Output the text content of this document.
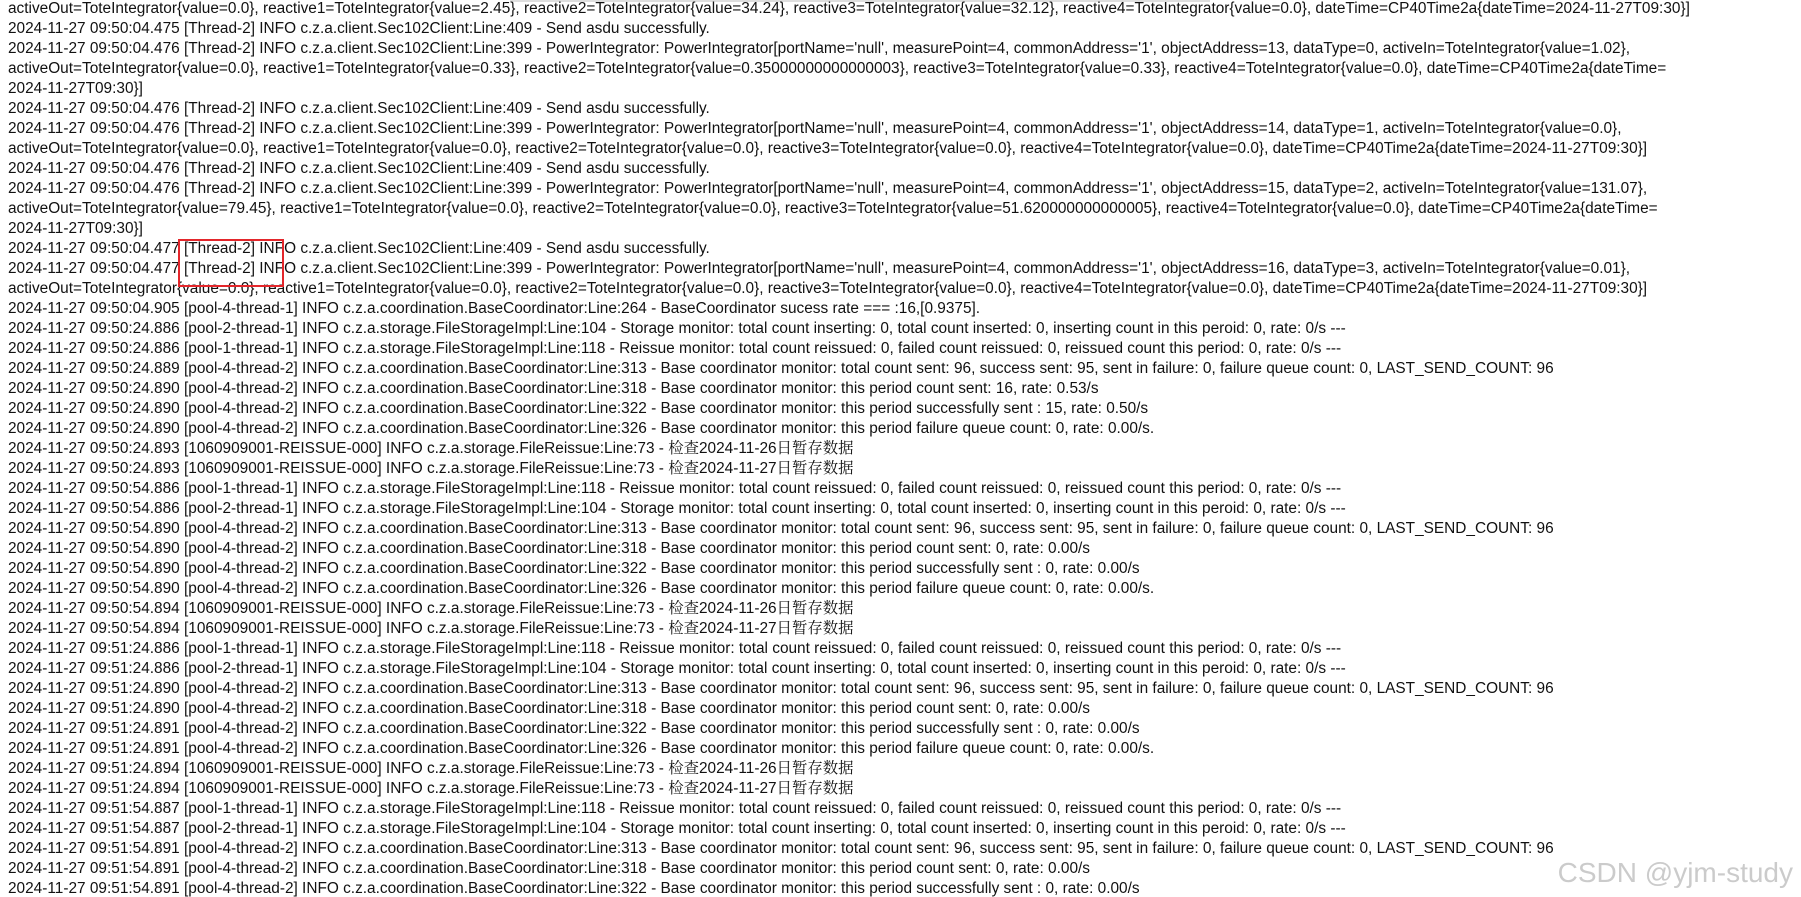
activeOut=ToteIntegrator{value=0.0}, reactive1=ToteIntegrator{value=2.45}, reactive2=ToteIntegrator{value=34.24}, reactive3=ToteIntegrator{value=32.12}, reactive4=ToteIntegrator{value=0.0}, dateTime=CP40Time2a{dateTime=2024-11-27T09:30}]
2024-11-27 09:50:04.475 [Thread-2] INFO c.z.a.client.Sec102Client:Line:409 - Send asdu successfully.
2024-11-27 09:50:04.476 [Thread-2] INFO c.z.a.client.Sec102Client:Line:399 - PowerIntegrator: PowerIntegrator[portName='null', measurePoint=4, commonAddress='1', objectAddress=13, dataType=0, activeIn=ToteIntegrator{value=1.02},
activeOut=ToteIntegrator{value=0.0}, reactive1=ToteIntegrator{value=0.33}, reactive2=ToteIntegrator{value=0.35000000000000003}, reactive3=ToteIntegrator{value=0.33}, reactive4=ToteIntegrator{value=0.0}, dateTime=CP40Time2a{dateTime=
2024-11-27T09:30}]
2024-11-27 09:50:04.476 [Thread-2] INFO c.z.a.client.Sec102Client:Line:409 - Send asdu successfully.
2024-11-27 09:50:04.476 [Thread-2] INFO c.z.a.client.Sec102Client:Line:399 - PowerIntegrator: PowerIntegrator[portName='null', measurePoint=4, commonAddress='1', objectAddress=14, dataType=1, activeIn=ToteIntegrator{value=0.0},
activeOut=ToteIntegrator{value=0.0}, reactive1=ToteIntegrator{value=0.0}, reactive2=ToteIntegrator{value=0.0}, reactive3=ToteIntegrator{value=0.0}, reactive4=ToteIntegrator{value=0.0}, dateTime=CP40Time2a{dateTime=2024-11-27T09:30}]
2024-11-27 09:50:04.476 [Thread-2] INFO c.z.a.client.Sec102Client:Line:409 - Send asdu successfully.
2024-11-27 09:50:04.476 [Thread-2] INFO c.z.a.client.Sec102Client:Line:399 - PowerIntegrator: PowerIntegrator[portName='null', measurePoint=4, commonAddress='1', objectAddress=15, dataType=2, activeIn=ToteIntegrator{value=131.07},
activeOut=ToteIntegrator{value=79.45}, reactive1=ToteIntegrator{value=0.0}, reactive2=ToteIntegrator{value=0.0}, reactive3=ToteIntegrator{value=51.620000000000005}, reactive4=ToteIntegrator{value=0.0}, dateTime=CP40Time2a{dateTime=
2024-11-27T09:30}]
2024-11-27 09:50:04.477 [Thread-2] INFO c.z.a.client.Sec102Client:Line:409 - Send asdu successfully.
2024-11-27 09:50:04.477 [Thread-2] INFO c.z.a.client.Sec102Client:Line:399 - PowerIntegrator: PowerIntegrator[portName='null', measurePoint=4, commonAddress='1', objectAddress=16, dataType=3, activeIn=ToteIntegrator{value=0.01},
activeOut=ToteIntegrator{value=0.0}, reactive1=ToteIntegrator{value=0.0}, reactive2=ToteIntegrator{value=0.0}, reactive3=ToteIntegrator{value=0.0}, reactive4=ToteIntegrator{value=0.0}, dateTime=CP40Time2a{dateTime=2024-11-27T09:30}]
2024-11-27 09:50:04.905 [pool-4-thread-1] INFO c.z.a.coordination.BaseCoordinator:Line:264 - BaseCoordinator sucess rate === :16,[0.9375].
2024-11-27 09:50:24.886 [pool-2-thread-1] INFO c.z.a.storage.FileStorageImpl:Line:104 - Storage monitor: total count inserting: 0, total count inserted: 0, inserting count in this peroid: 0, rate: 0/s ---
2024-11-27 09:50:24.886 [pool-1-thread-1] INFO c.z.a.storage.FileStorageImpl:Line:118 - Reissue monitor: total count reissued: 0, failed count reissued: 0, reissued count this period: 0, rate: 0/s ---
2024-11-27 09:50:24.889 [pool-4-thread-2] INFO c.z.a.coordination.BaseCoordinator:Line:313 - Base coordinator monitor: total count sent: 96, success sent: 95, sent in failure: 0, failure queue count: 0, LAST_SEND_COUNT: 96
2024-11-27 09:50:24.890 [pool-4-thread-2] INFO c.z.a.coordination.BaseCoordinator:Line:318 - Base coordinator monitor: this period count sent: 16, rate: 0.53/s
2024-11-27 09:50:24.890 [pool-4-thread-2] INFO c.z.a.coordination.BaseCoordinator:Line:322 - Base coordinator monitor: this period successfully sent : 15, rate: 0.50/s
2024-11-27 09:50:24.890 [pool-4-thread-2] INFO c.z.a.coordination.BaseCoordinator:Line:326 - Base coordinator monitor: this period failure queue count: 0, rate: 0.00/s.
2024-11-27 09:50:24.893 [1060909001-REISSUE-000] INFO c.z.a.storage.FileReissue:Line:73 - 检查2024-11-26日暂存数据
2024-11-27 09:50:24.893 [1060909001-REISSUE-000] INFO c.z.a.storage.FileReissue:Line:73 - 检查2024-11-27日暂存数据
2024-11-27 09:50:54.886 [pool-1-thread-1] INFO c.z.a.storage.FileStorageImpl:Line:118 - Reissue monitor: total count reissued: 0, failed count reissued: 0, reissued count this period: 0, rate: 0/s ---
2024-11-27 09:50:54.886 [pool-2-thread-1] INFO c.z.a.storage.FileStorageImpl:Line:104 - Storage monitor: total count inserting: 0, total count inserted: 0, inserting count in this peroid: 0, rate: 0/s ---
2024-11-27 09:50:54.890 [pool-4-thread-2] INFO c.z.a.coordination.BaseCoordinator:Line:313 - Base coordinator monitor: total count sent: 96, success sent: 95, sent in failure: 0, failure queue count: 0, LAST_SEND_COUNT: 96
2024-11-27 09:50:54.890 [pool-4-thread-2] INFO c.z.a.coordination.BaseCoordinator:Line:318 - Base coordinator monitor: this period count sent: 0, rate: 0.00/s
2024-11-27 09:50:54.890 [pool-4-thread-2] INFO c.z.a.coordination.BaseCoordinator:Line:322 - Base coordinator monitor: this period successfully sent : 0, rate: 0.00/s
2024-11-27 09:50:54.890 [pool-4-thread-2] INFO c.z.a.coordination.BaseCoordinator:Line:326 - Base coordinator monitor: this period failure queue count: 0, rate: 0.00/s.
2024-11-27 09:50:54.894 [1060909001-REISSUE-000] INFO c.z.a.storage.FileReissue:Line:73 - 检查2024-11-26日暂存数据
2024-11-27 09:50:54.894 [1060909001-REISSUE-000] INFO c.z.a.storage.FileReissue:Line:73 - 检查2024-11-27日暂存数据
2024-11-27 09:51:24.886 [pool-1-thread-1] INFO c.z.a.storage.FileStorageImpl:Line:118 - Reissue monitor: total count reissued: 0, failed count reissued: 0, reissued count this period: 0, rate: 0/s ---
2024-11-27 09:51:24.886 [pool-2-thread-1] INFO c.z.a.storage.FileStorageImpl:Line:104 - Storage monitor: total count inserting: 0, total count inserted: 0, inserting count in this peroid: 0, rate: 0/s ---
2024-11-27 09:51:24.890 [pool-4-thread-2] INFO c.z.a.coordination.BaseCoordinator:Line:313 - Base coordinator monitor: total count sent: 96, success sent: 95, sent in failure: 0, failure queue count: 0, LAST_SEND_COUNT: 96
2024-11-27 09:51:24.890 [pool-4-thread-2] INFO c.z.a.coordination.BaseCoordinator:Line:318 - Base coordinator monitor: this period count sent: 0, rate: 0.00/s
2024-11-27 09:51:24.891 [pool-4-thread-2] INFO c.z.a.coordination.BaseCoordinator:Line:322 - Base coordinator monitor: this period successfully sent : 0, rate: 0.00/s
2024-11-27 09:51:24.891 [pool-4-thread-2] INFO c.z.a.coordination.BaseCoordinator:Line:326 - Base coordinator monitor: this period failure queue count: 0, rate: 0.00/s.
2024-11-27 09:51:24.894 [1060909001-REISSUE-000] INFO c.z.a.storage.FileReissue:Line:73 - 检查2024-11-26日暂存数据
2024-11-27 09:51:24.894 [1060909001-REISSUE-000] INFO c.z.a.storage.FileReissue:Line:73 - 检查2024-11-27日暂存数据
2024-11-27 09:51:54.887 [pool-1-thread-1] INFO c.z.a.storage.FileStorageImpl:Line:118 - Reissue monitor: total count reissued: 0, failed count reissued: 0, reissued count this period: 0, rate: 0/s ---
2024-11-27 09:51:54.887 [pool-2-thread-1] INFO c.z.a.storage.FileStorageImpl:Line:104 - Storage monitor: total count inserting: 0, total count inserted: 0, inserting count in this peroid: 0, rate: 0/s ---
2024-11-27 09:51:54.891 [pool-4-thread-2] INFO c.z.a.coordination.BaseCoordinator:Line:313 - Base coordinator monitor: total count sent: 96, success sent: 95, sent in failure: 0, failure queue count: 0, LAST_SEND_COUNT: 96
2024-11-27 09:51:54.891 [pool-4-thread-2] INFO c.z.a.coordination.BaseCoordinator:Line:318 - Base coordinator monitor: this period count sent: 0, rate: 0.00/s
2024-11-27 09:51:54.891 [pool-4-thread-2] INFO c.z.a.coordination.BaseCoordinator:Line:322 - Base coordinator monitor: this period successfully sent : 0, rate: 0.00/s
CSDN @yjm-study
